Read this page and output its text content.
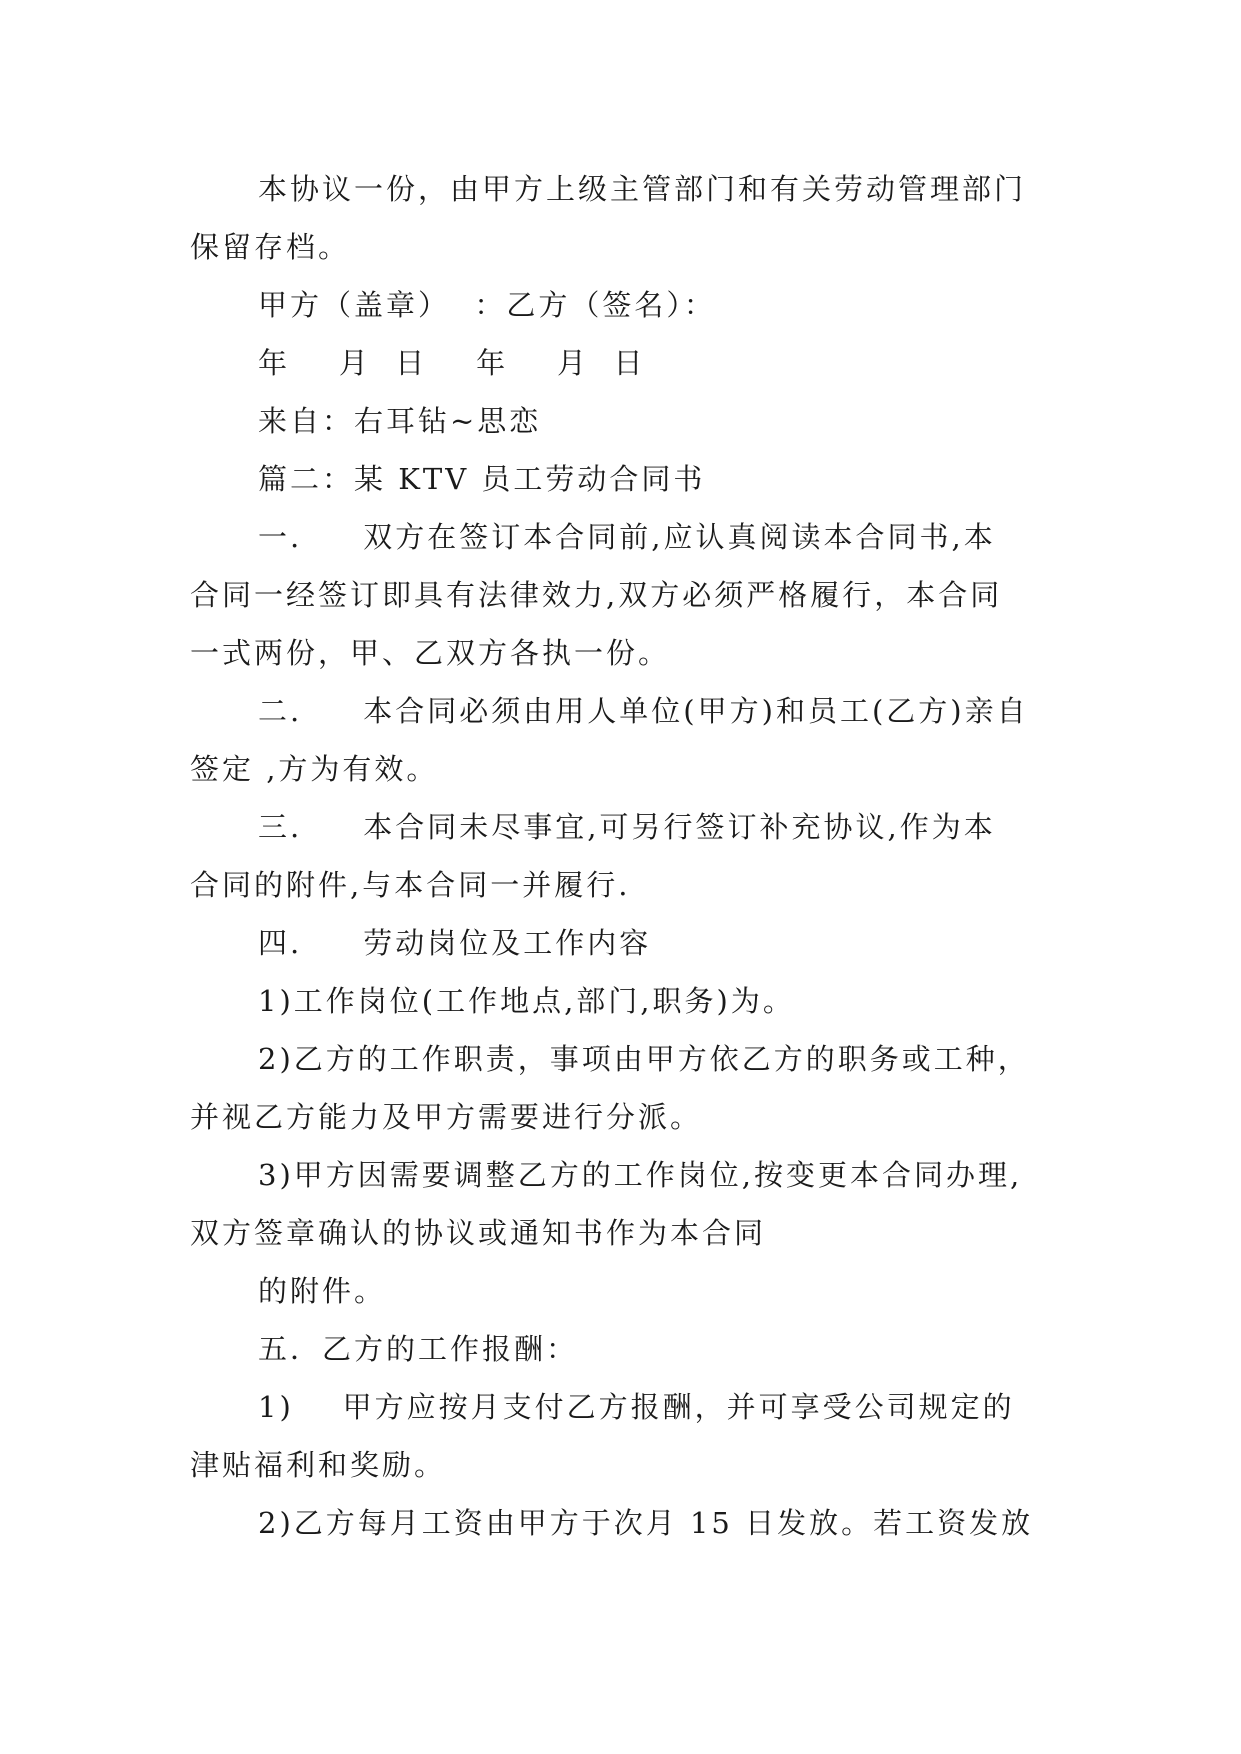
本协议一份，由甲方上级主管部门和有关劳动管理部门

保留存档。

甲方（盖章）  ：乙方（签名）：

年    月  日    年    月  日

来自：右耳钻~思恋

篇二：某 KTV 员工劳动合同书

一.     双方在签订本合同前,应认真阅读本合同书,本

合同一经签订即具有法律效力,双方必须严格履行，本合同

一式两份，甲、乙双方各执一份。

二.     本合同必须由用人单位(甲方)和员工(乙方)亲自

签定 ,方为有效。

三.     本合同未尽事宜,可另行签订补充协议,作为本

合同的附件,与本合同一并履行.

四.     劳动岗位及工作内容

1)工作岗位(工作地点,部门,职务)为。

2)乙方的工作职责，事项由甲方依乙方的职务或工种，

并视乙方能力及甲方需要进行分派。

3)甲方因需要调整乙方的工作岗位,按变更本合同办理,

双方签章确认的协议或通知书作为本合同

的附件。

五．乙方的工作报酬：

1)    甲方应按月支付乙方报酬，并可享受公司规定的

津贴福利和奖励。

2)乙方每月工资由甲方于次月 15 日发放。若工资发放
